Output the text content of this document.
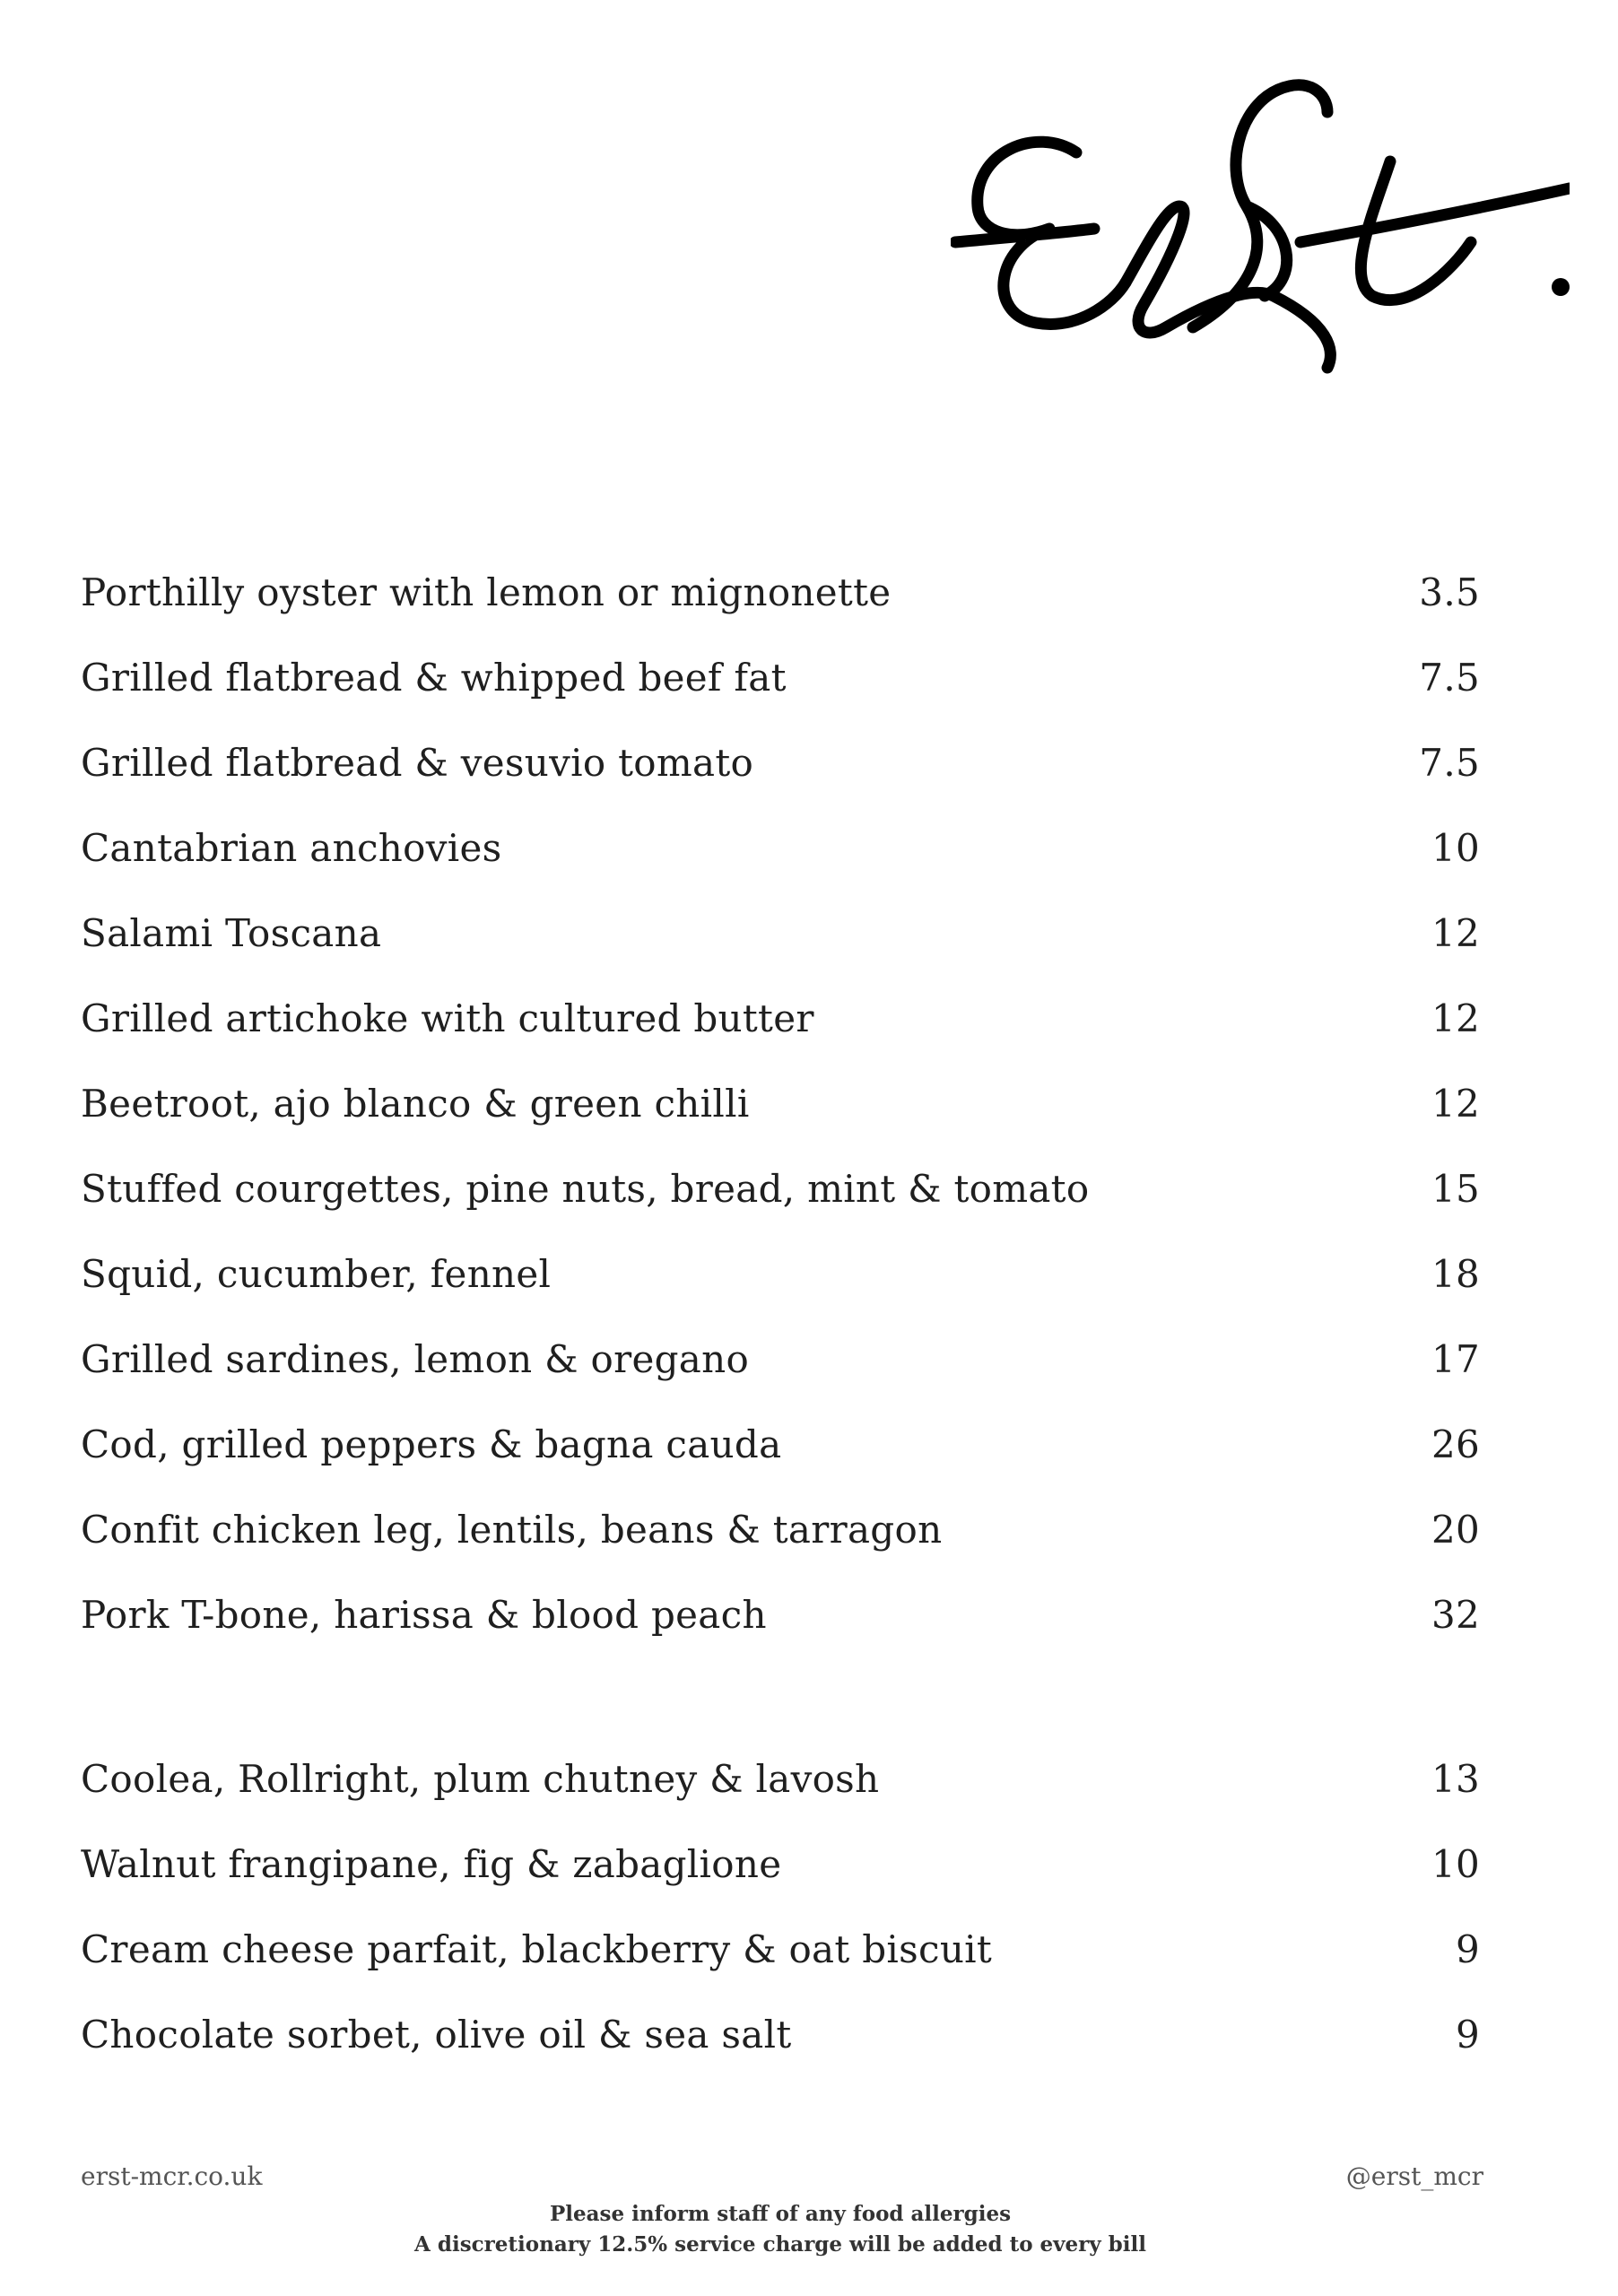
Porthilly oyster with lemon or mignonette	3.5
Grilled flatbread & whipped beef fat	7.5
Grilled flatbread & vesuvio tomato	7.5
Cantabrian anchovies	10
Salami Toscana	12
Grilled artichoke with cultured butter	12
Beetroot, ajo blanco & green chilli	12
Stuffed courgettes, pine nuts, bread, mint & tomato	15
Squid, cucumber, fennel	18
Grilled sardines, lemon & oregano	17
Cod, grilled peppers & bagna cauda	26
Confit chicken leg, lentils, beans & tarragon	20
Pork T-bone, harissa & blood peach	32
Coolea, Rollright, plum chutney & lavosh	13
Walnut frangipane, fig & zabaglione	10
Cream cheese parfait, blackberry & oat biscuit	9
Chocolate sorbet, olive oil & sea salt	9
erst-mcr.co.uk	@erst_mcr
Please inform staff of any food allergies
A discretionary 12.5% service charge will be added to every bill
